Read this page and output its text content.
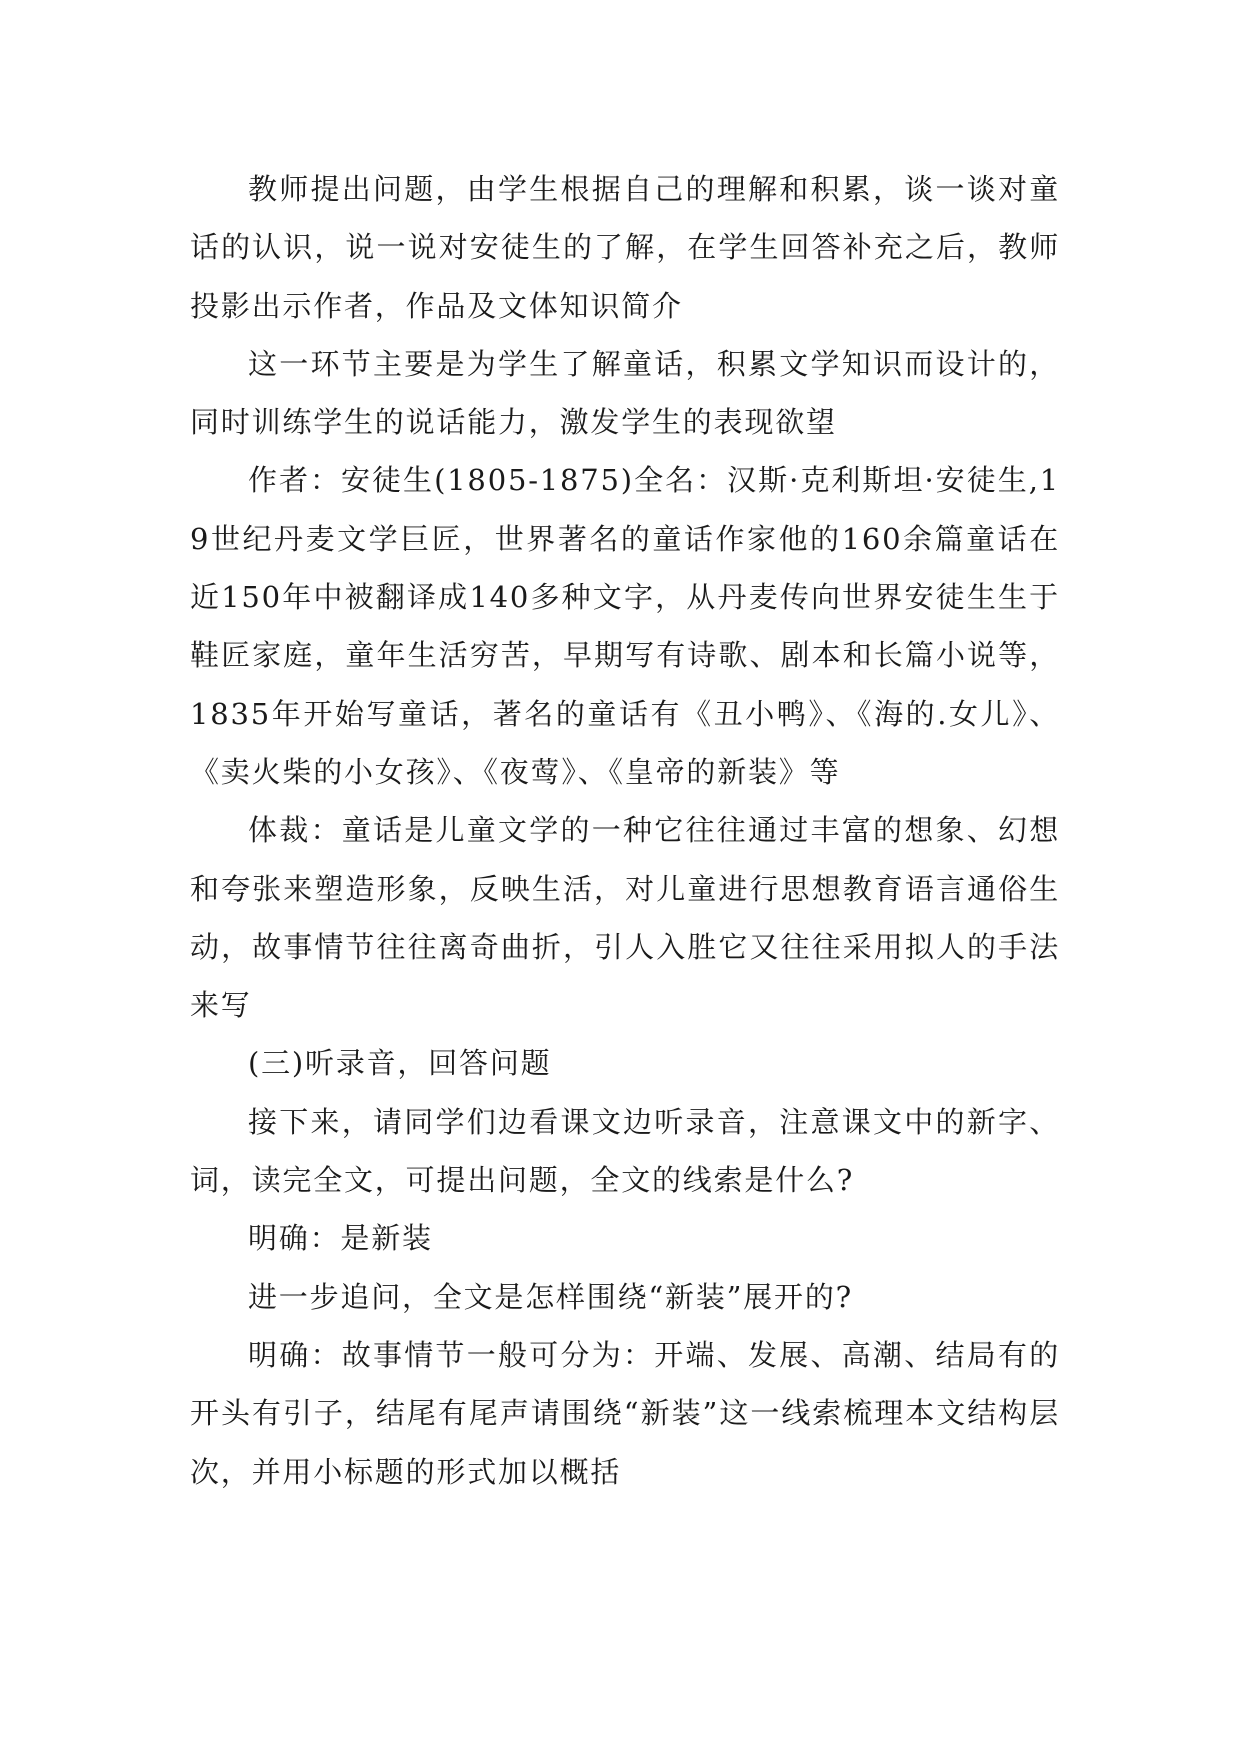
教师提出问题，由学生根据自己的理解和积累，谈一谈对童话的认识，说一说对安徒生的了解，在学生回答补充之后，教师投影出示作者，作品及文体知识简介

这一环节主要是为学生了解童话，积累文学知识而设计的，同时训练学生的说话能力，激发学生的表现欲望

作者：安徒生(1805-1875)全名：汉斯·克利斯坦·安徒生,19世纪丹麦文学巨匠，世界著名的童话作家他的160余篇童话在近150年中被翻译成140多种文字，从丹麦传向世界安徒生生于鞋匠家庭，童年生活穷苦，早期写有诗歌、剧本和长篇小说等，1835年开始写童话，著名的童话有《丑小鸭》、《海的.女儿》、《卖火柴的小女孩》、《夜莺》、《皇帝的新装》等

体裁：童话是儿童文学的一种它往往通过丰富的想象、幻想和夸张来塑造形象，反映生活，对儿童进行思想教育语言通俗生动，故事情节往往离奇曲折，引人入胜它又往往采用拟人的手法来写

(三)听录音，回答问题

接下来，请同学们边看课文边听录音，注意课文中的新字、词，读完全文，可提出问题，全文的线索是什么?

明确：是新装

进一步追问，全文是怎样围绕“新装”展开的?

明确：故事情节一般可分为：开端、发展、高潮、结局有的开头有引子，结尾有尾声请围绕“新装”这一线索梳理本文结构层次，并用小标题的形式加以概括
